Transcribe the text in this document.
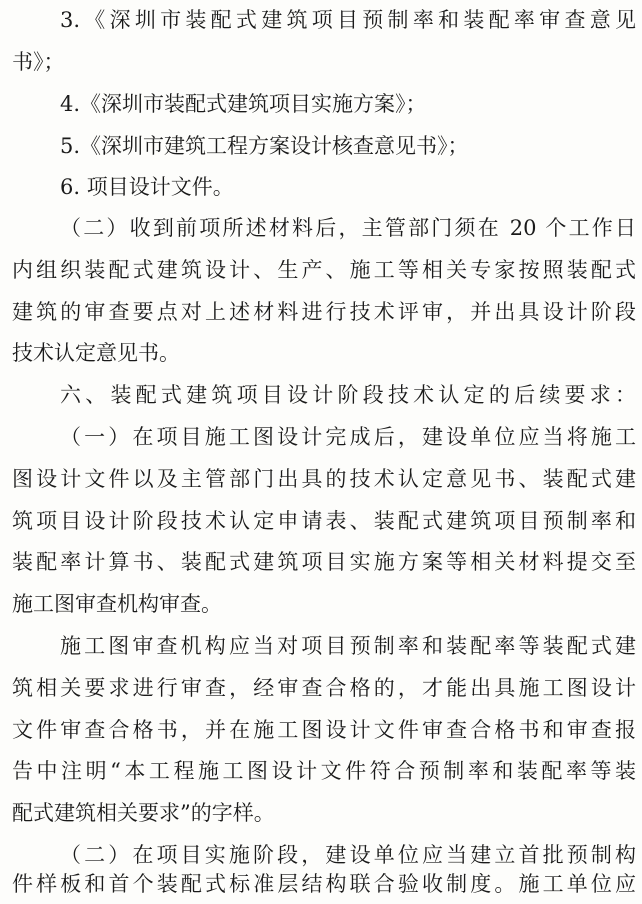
3.《深圳市装配式建筑项目预制率和装配率审查意见
书》；
4.《深圳市装配式建筑项目实施方案》；
5.《深圳市建筑工程方案设计核查意见书》；
6. 项目设计文件。
（二）收到前项所述材料后，主管部门须在 20 个工作日
内组织装配式建筑设计、生产、施工等相关专家按照装配式
建筑的审查要点对上述材料进行技术评审，并出具设计阶段
技术认定意见书。
六、装配式建筑项目设计阶段技术认定的后续要求：
（一）在项目施工图设计完成后，建设单位应当将施工
图设计文件以及主管部门出具的技术认定意见书、装配式建
筑项目设计阶段技术认定申请表、装配式建筑项目预制率和
装配率计算书、装配式建筑项目实施方案等相关材料提交至
施工图审查机构审查。
施工图审查机构应当对项目预制率和装配率等装配式建
筑相关要求进行审查，经审查合格的，才能出具施工图设计
文件审查合格书，并在施工图设计文件审查合格书和审查报
告中注明“本工程施工图设计文件符合预制率和装配率等装
配式建筑相关要求”的字样。
（二）在项目实施阶段，建设单位应当建立首批预制构
件样板和首个装配式标准层结构联合验收制度。施工单位应
